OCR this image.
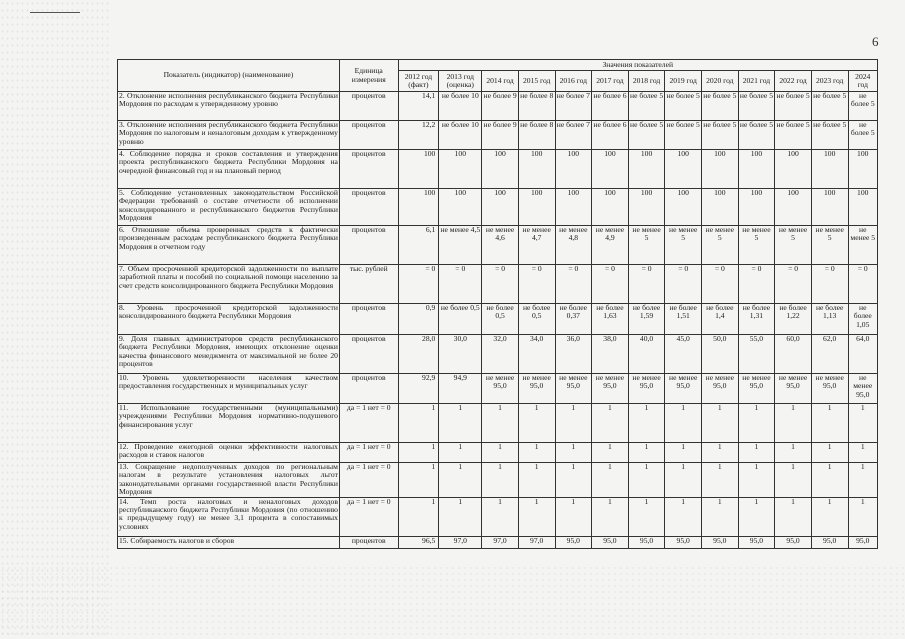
6
Показатель (индикатор) (наименование)	Единица измерения	Значения показателей												
		2012 год (факт)	2013 год (оценка)	2014 год	2015 год	2016 год	2017 год	2018 год	2019 год	2020 год	2021 год	2022 год	2023 год	2024 год
2. Отклонение исполнения республиканского бюджета Республики Мордовия по расходам к утвержденному уровню	процентов	14,1	не более 10	не более 9	не более 8	не более 7	не более 6	не более 5	не более 5	не более 5	не более 5	не более 5	не более 5	не более 5
3. Отклонение исполнения республиканского бюджета Республики Мордовия по налоговым и неналоговым доходам к утвержденному уровню	процентов	12,2	не более 10	не более 9	не более 8	не более 7	не более 6	не более 5	не более 5	не более 5	не более 5	не более 5	не более 5	не более 5
4. Соблюдение порядка и сроков составления и утверждения проекта республиканского бюджета Республики Мордовия на очередной финансовый год и на плановый период	процентов	100	100	100	100	100	100	100	100	100	100	100	100	100
5. Соблюдение установленных законодательством Российской Федерации требований о составе отчетности об исполнении консолидированного и республиканского бюджетов Республики Мордовия	процентов	100	100	100	100	100	100	100	100	100	100	100	100	100
6. Отношение объема проверенных средств к фактически произведенным расходам республиканского бюджета Республики Мордовия в отчетном году	процентов	6,1	не менее 4,5	не менее 4,6	не менее 4,7	не менее 4,8	не менее 4,9	не менее 5	не менее 5	не менее 5	не менее 5	не менее 5	не менее 5	не менее 5
7. Объем просроченной кредиторской задолженности по выплате заработной платы и пособий по социальной помощи населению за счет средств консолидированного бюджета Республики Мордовия	тыс. рублей	= 0	= 0	= 0	= 0	= 0	= 0	= 0	= 0	= 0	= 0	= 0	= 0	= 0
8. Уровень просроченной кредиторской задолженности консолидированного бюджета Республики Мордовия	процентов	0,9	не более 0,5	не более 0,5	не более 0,5	не более 0,37	не более 1,63	не более 1,59	не более 1,51	не более 1,4	не более 1,31	не более 1,22	не более 1,13	не более 1,05
9. Доля главных администраторов средств республиканского бюджета Республики Мордовия, имеющих отклонение оценки качества финансового менеджмента от максимальной не более 20 процентов	процентов	28,0	30,0	32,0	34,0	36,0	38,0	40,0	45,0	50,0	55,0	60,0	62,0	64,0
10. Уровень удовлетворенности населения качеством предоставления государственных и муниципальных услуг	процентов	92,9	94,9	не менее 95,0	не менее 95,0	не менее 95,0	не менее 95,0	не менее 95,0	не менее 95,0	не менее 95,0	не менее 95,0	не менее 95,0	не менее 95,0	не менее 95,0
11. Использование государственными (муниципальными) учреждениями Республики Мордовия нормативно-подушевого финансирования услуг	да = 1 нет = 0	1	1	1	1	1	1	1	1	1	1	1	1	1
12. Проведение ежегодной оценки эффективности налоговых расходов и ставок налогов	да = 1 нет = 0	1	1	1	1	1	1	1	1	1	1	1	1	1
13. Сокращение недополученных доходов по региональным налогам в результате установления налоговых льгот законодательными органами государственной власти Республики Мордовия	да = 1 нет = 0	1	1	1	1	1	1	1	1	1	1	1	1	1
14. Темп роста налоговых и неналоговых доходов республиканского бюджета Республики Мордовия (по отношению к предыдущему году) не менее 3,1 процента в сопоставимых условиях	да = 1 нет = 0	1	1	1	1	1	1	1	1	1	1	1	1	1
15. Собираемость налогов и сборов	процентов	96,5	97,0	97,0	97,0	95,0	95,0	95,0	95,0	95,0	95,0	95,0	95,0	95,0
